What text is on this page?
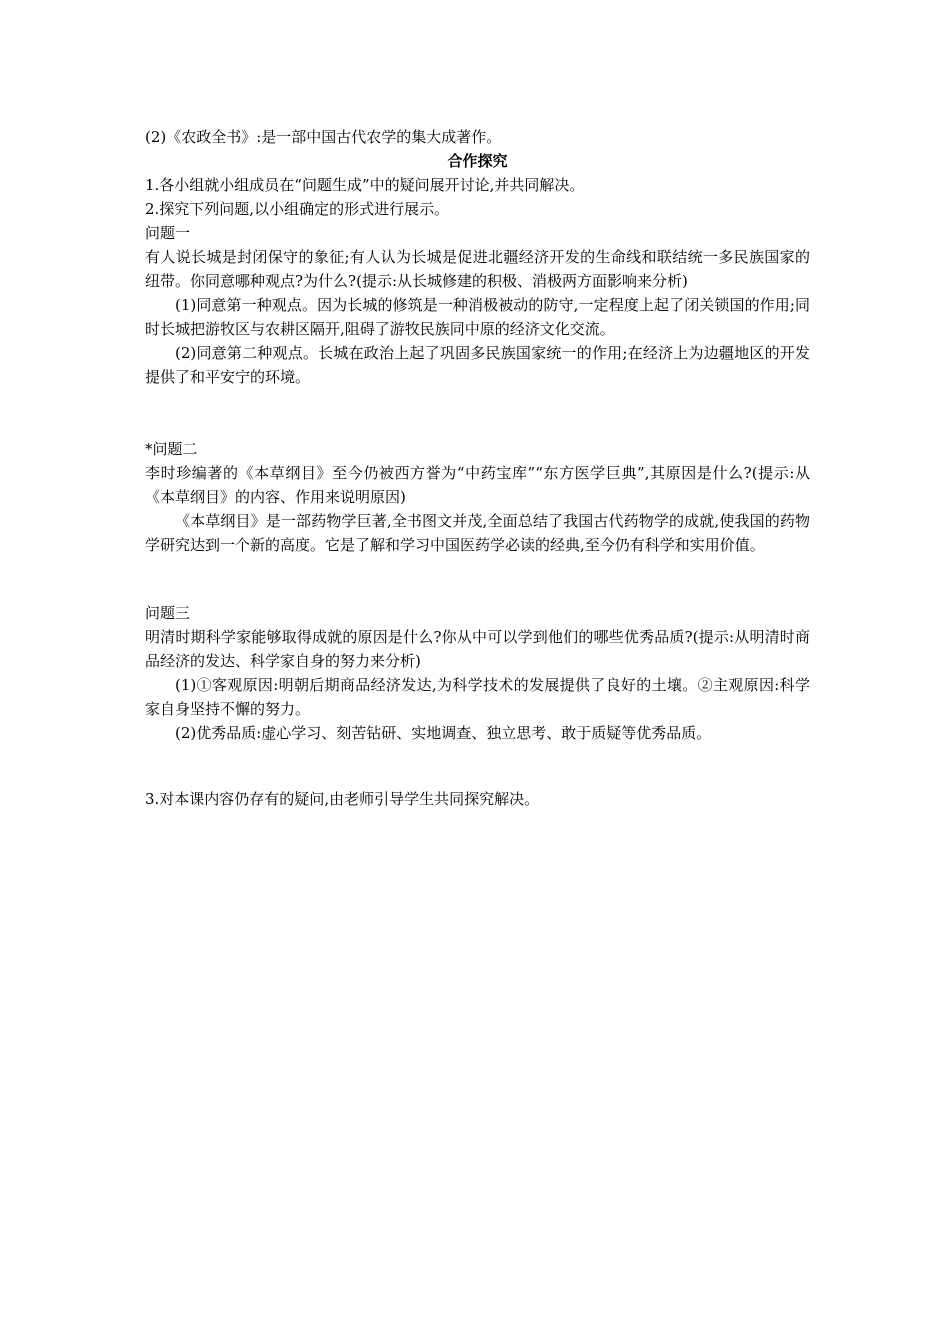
(2)《农政全书》:是一部中国古代农学的集大成著作。

合作探究

1.各小组就小组成员在“问题生成”中的疑问展开讨论,并共同解决。

2.探究下列问题,以小组确定的形式进行展示。

问题一

有人说长城是封闭保守的象征;有人认为长城是促进北疆经济开发的生命线和联结统一多民族国家的纽带。你同意哪种观点?为什么?(提示:从长城修建的积极、消极两方面影响来分析)

(1)同意第一种观点。因为长城的修筑是一种消极被动的防守,一定程度上起了闭关锁国的作用;同时长城把游牧区与农耕区隔开,阻碍了游牧民族同中原的经济文化交流。

(2)同意第二种观点。长城在政治上起了巩固多民族国家统一的作用;在经济上为边疆地区的开发提供了和平安宁的环境。

*问题二

李时珍编著的《本草纲目》至今仍被西方誉为“中药宝库”“东方医学巨典”,其原因是什么?(提示:从《本草纲目》的内容、作用来说明原因)

《本草纲目》是一部药物学巨著,全书图文并茂,全面总结了我国古代药物学的成就,使我国的药物学研究达到一个新的高度。它是了解和学习中国医药学必读的经典,至今仍有科学和实用价值。

问题三

明清时期科学家能够取得成就的原因是什么?你从中可以学到他们的哪些优秀品质?(提示:从明清时商品经济的发达、科学家自身的努力来分析)

(1)①客观原因:明朝后期商品经济发达,为科学技术的发展提供了良好的土壤。②主观原因:科学家自身坚持不懈的努力。

(2)优秀品质:虚心学习、刻苦钻研、实地调查、独立思考、敢于质疑等优秀品质。

3.对本课内容仍存有的疑问,由老师引导学生共同探究解决。
